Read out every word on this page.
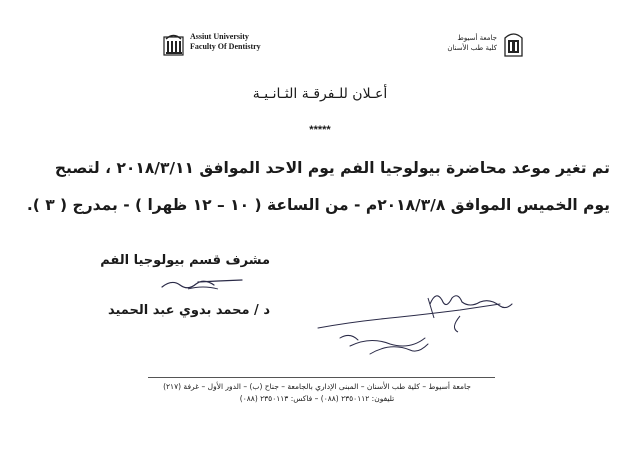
Assiut University
Faculty Of Dentistry
جامعة أسيوط
كلية طب الأسنان
أعـلان للـفرقـة الثـانـيـة
*****
تم تغير موعد محاضرة بيولوجيا الفم يوم الاحد الموافق ٢٠١٨/٣/١١ ، لتصبح
يوم الخميس الموافق ٢٠١٨/٣/٨م - من الساعة ( ١٠ – ١٢ ظهرا ) - بمدرج ( ٣ ).
مشرف قسم بيولوجيا الفم
د / محمد بدوي عبد الحميد
جامعة أسيوط – كلية طب الأسنان – المبنى الإداري بالجامعة – جناح (ب) – الدور الأول – غرفة (٢١٧)
تليفون: ٢٣٥٠١١٢ (٠٨٨) – فاكس: ٢٣٥٠١١٣ (٠٨٨)
